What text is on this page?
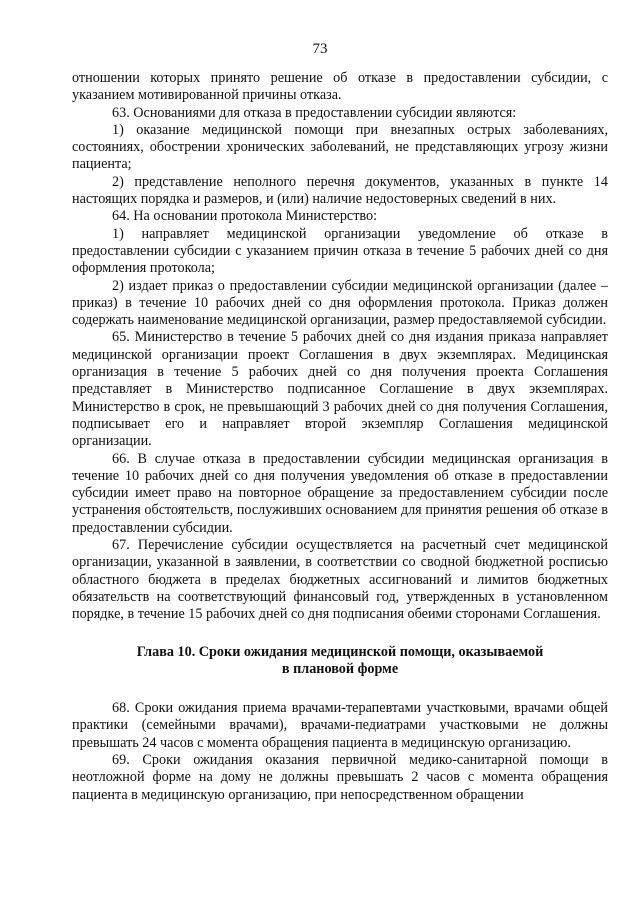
73

отношении которых принято решение об отказе в предоставлении субсидии, с указанием мотивированной причины отказа.

63. Основаниями для отказа в предоставлении субсидии являются:

1) оказание медицинской помощи при внезапных острых заболеваниях, состояниях, обострении хронических заболеваний, не представляющих угрозу жизни пациента;

2) представление неполного перечня документов, указанных в пункте 14 настоящих порядка и размеров, и (или) наличие недостоверных сведений в них.

64. На основании протокола Министерство:

1) направляет медицинской организации уведомление об отказе в предоставлении субсидии с указанием причин отказа в течение 5 рабочих дней со дня оформления протокола;

2) издает приказ о предоставлении субсидии медицинской организации (далее – приказ) в течение 10 рабочих дней со дня оформления протокола. Приказ должен содержать наименование медицинской организации, размер предоставляемой субсидии.

65. Министерство в течение 5 рабочих дней со дня издания приказа направляет медицинской организации проект Соглашения в двух экземплярах. Медицинская организация в течение 5 рабочих дней со дня получения проекта Соглашения представляет в Министерство подписанное Соглашение в двух экземплярах. Министерство в срок, не превышающий 3 рабочих дней со дня получения Соглашения, подписывает его и направляет второй экземпляр Соглашения медицинской организации.

66. В случае отказа в предоставлении субсидии медицинская организация в течение 10 рабочих дней со дня получения уведомления об отказе в предоставлении субсидии имеет право на повторное обращение за предоставлением субсидии после устранения обстоятельств, послуживших основанием для принятия решения об отказе в предоставлении субсидии.

67. Перечисление субсидии осуществляется на расчетный счет медицинской организации, указанной в заявлении, в соответствии со сводной бюджетной росписью областного бюджета в пределах бюджетных ассигнований и лимитов бюджетных обязательств на соответствующий финансовый год, утвержденных в установленном порядке, в течение 15 рабочих дней со дня подписания обеими сторонами Соглашения.

Глава 10. Сроки ожидания медицинской помощи, оказываемой
в плановой форме

68. Сроки ожидания приема врачами-терапевтами участковыми, врачами общей практики (семейными врачами), врачами-педиатрами участковыми не должны превышать 24 часов с момента обращения пациента в медицинскую организацию.

69. Сроки ожидания оказания первичной медико-санитарной помощи в неотложной форме на дому не должны превышать 2 часов с момента обращения пациента в медицинскую организацию, при непосредственном обращении
